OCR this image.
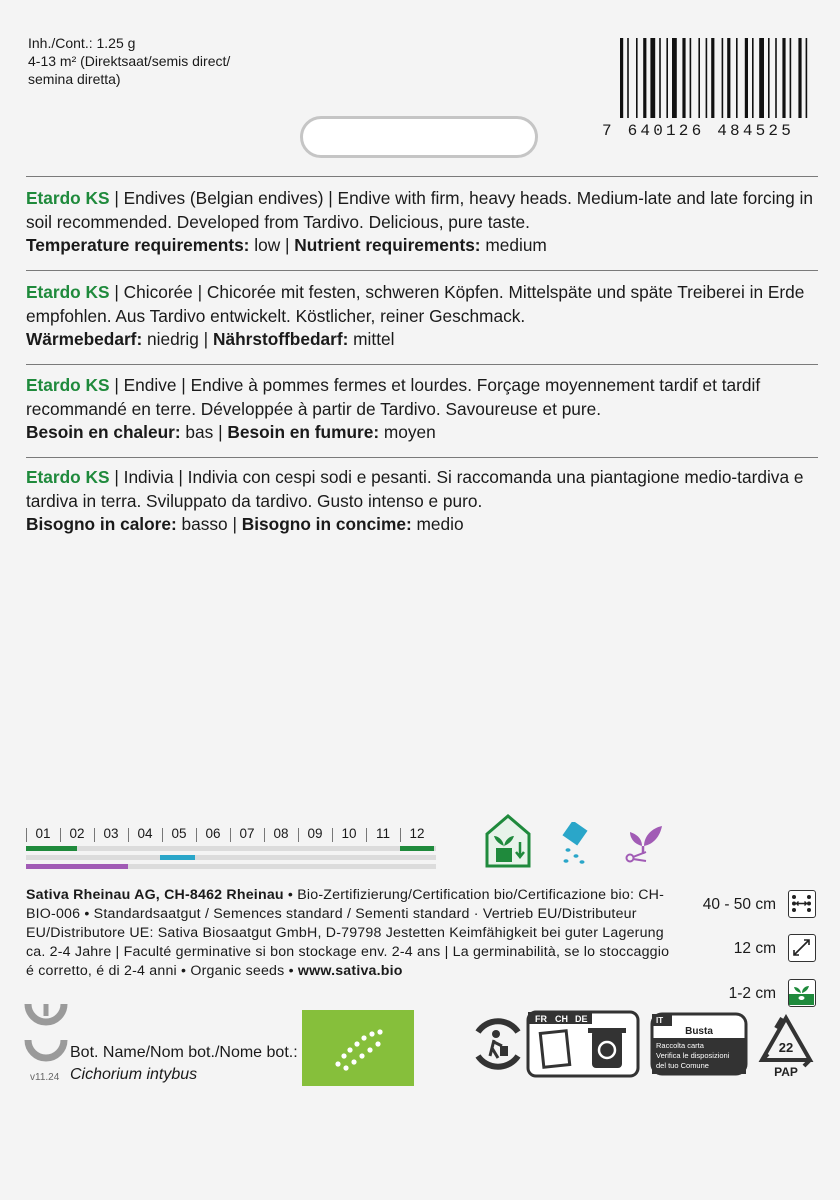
Inh./Cont.: 1.25 g
4-13 m² (Direktsaat/semis direct/
semina diretta)
7 640126 484525

Etardo KS | Endives (Belgian endives) | Endive with firm, heavy heads. Medium-late and late forcing in soil recommended. Developed from Tardivo. Delicious, pure taste.

Temperature requirements: low | Nutrient requirements: medium

Etardo KS | Chicorée | Chicorée mit festen, schweren Köpfen. Mittelspäte und späte Treiberei in Erde empfohlen. Aus Tardivo entwickelt. Köstlicher, reiner Geschmack.

Wärmebedarf: niedrig | Nährstoffbedarf: mittel

Etardo KS | Endive | Endive à pommes fermes et lourdes. Forçage moyennement tardif et tardif recommandé en terre. Développée à partir de Tardivo. Savoureuse et pure.

Besoin en chaleur: bas | Besoin en fumure: moyen

Etardo KS | Indivia | Indivia con cespi sodi e pesanti. Si raccomanda una piantagione medio-tardiva e tardiva in terra. Sviluppato da tardivo. Gusto intenso e puro.

Bisogno in calore: basso | Bisogno in concime: medio

01	02	03	04	05	06	07	08	09	10	11	12
Sativa Rheinau AG, CH-8462 Rheinau • Bio-Zertifizierung/Certification bio/Certificazione bio: CH-BIO-006 • Standardsaatgut / Semences standard / Sementi standard · Vertrieb EU/Distributeur EU/Distributore UE: Sativa Biosaatgut GmbH, D-79798 Jestetten Keimfähigkeit bei guter Lagerung ca. 2-4 Jahre | Faculté germinative si bon stockage env. 2-4 ans | La germinabilità, se lo stoccaggio é corretto, é di 2-4 anni • Organic seeds • www.sativa.bio
40 - 50 cm
12 cm
1-2 cm
v11.24
Bot. Name/Nom bot./Nome bot.:
Cichorium intybus
FR CH DE	IT
Busta
Raccolta carta
Verifica le disposizioni
del tuo Comune
22
PAP
